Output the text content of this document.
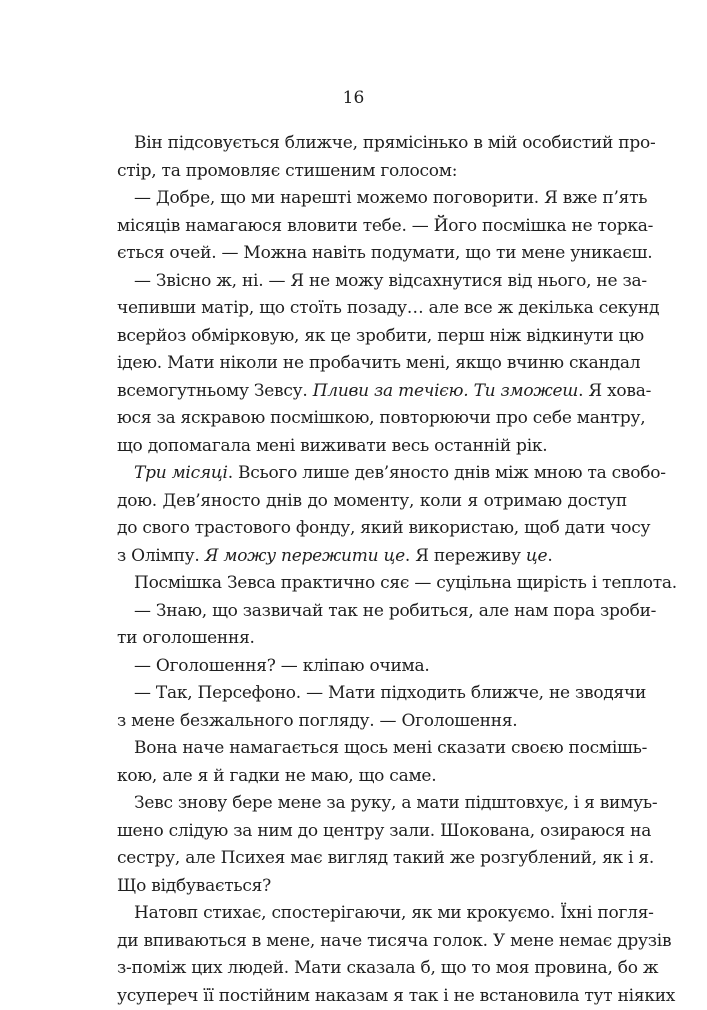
16
Він підсовується ближче, прямісінько в мій особистий про-
стір, та промовляє стишеним голосом:
— Добре, що ми нарешті можемо поговорити. Я вже п’ять
місяців намагаюся вловити тебе. — Його посмішка не торка-
ється очей. — Можна навіть подумати, що ти мене уникаєш.
— Звісно ж, ні. — Я не можу відсахнутися від нього, не за-
чепивши матір, що стоїть позаду… але все ж декілька секунд
всерйоз обмірковую, як це зробити, перш ніж відкинути цю
ідею. Мати ніколи не пробачить мені, якщо вчиню скандал
всемогутньому Зевсу. Пливи за течією. Ти зможеш. Я хова-
юся за яскравою посмішкою, повторюючи про себе мантру,
що допомагала мені виживати весь останній рік.
Три місяці. Всього лише дев’яносто днів між мною та свобо-
дою. Дев’яносто днів до моменту, коли я отримаю доступ
до свого трастового фонду, який використаю, щоб дати чосу
з Олімпу. Я можу пережити це. Я переживу це.
Посмішка Зевса практично сяє — суцільна щирість і теплота.
— Знаю, що зазвичай так не робиться, але нам пора зроби-
ти оголошення.
— Оголошення? — кліпаю очима.
— Так, Персефоно. — Мати підходить ближче, не зводячи
з мене безжального погляду. — Оголошення.
Вона наче намагається щось мені сказати своєю посмішь-
кою, але я й гадки не маю, що саме.
Зевс знову бере мене за руку, а мати підштовхує, і я вимуь-
шено слідую за ним до центру зали. Шокована, озираюся на
сестру, але Психея має вигляд такий же розгублений, як і я.
Що відбувається?
Натовп стихає, спостерігаючи, як ми крокуємо. Їхні погля-
ди впиваються в мене, наче тисяча голок. У мене немає друзів
з-поміж цих людей. Мати сказала б, що то моя провина, бо ж
усупереч її постійним наказам я так і не встановила тут ніяких
